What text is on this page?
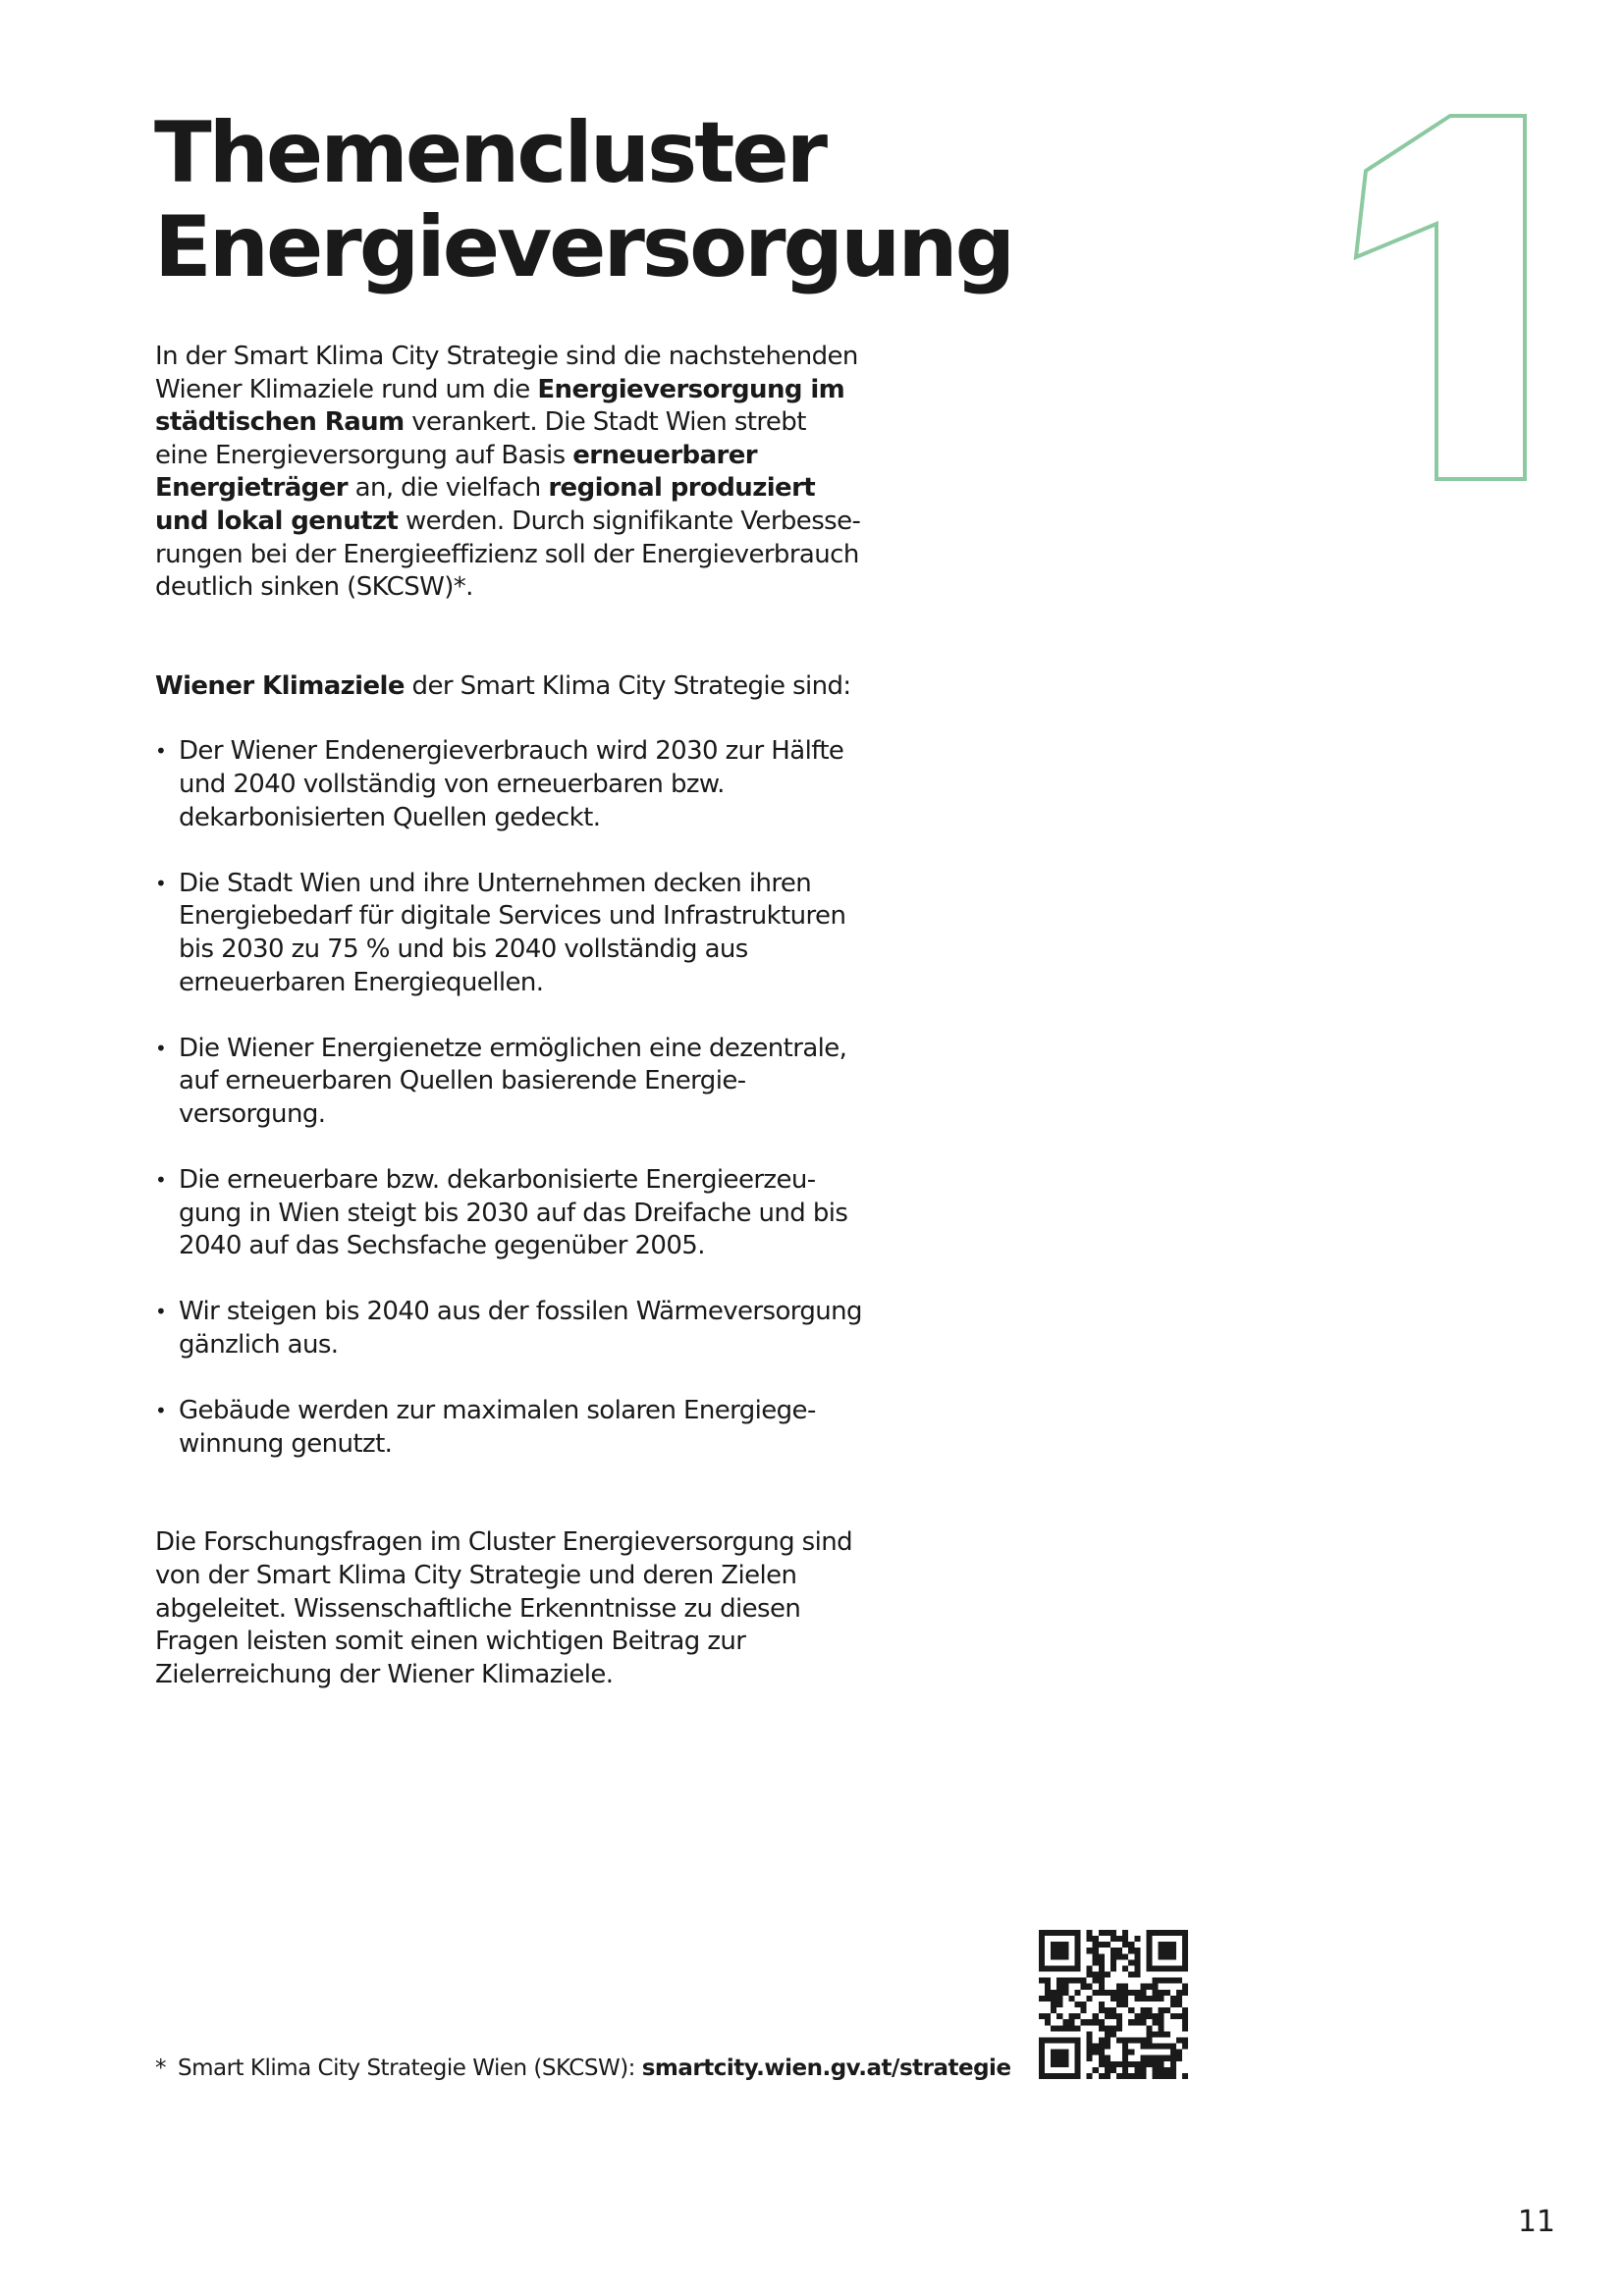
Themencluster
Energieversorgung

In der Smart Klima City Strategie sind die nachstehenden Wiener Klimaziele rund um die Energieversorgung im städtischen Raum verankert. Die Stadt Wien strebt eine Energieversorgung auf Basis erneuerbarer Energieträger an, die vielfach regional produziert und lokal genutzt werden. Durch signifikante Verbesserungen bei der Energieeffizienz soll der Energieverbrauch deutlich sinken (SKCSW)*.

Wiener Klimaziele der Smart Klima City Strategie sind:

• Der Wiener Endenergieverbrauch wird 2030 zur Hälfte und 2040 vollständig von erneuerbaren bzw. dekarbonisierten Quellen gedeckt.
• Die Stadt Wien und ihre Unternehmen decken ihren Energiebedarf für digitale Services und Infrastrukturen bis 2030 zu 75 % und bis 2040 vollständig aus erneuerbaren Energiequellen.
• Die Wiener Energienetze ermöglichen eine dezentrale, auf erneuerbaren Quellen basierende Energieversorgung.
• Die erneuerbare bzw. dekarbonisierte Energieerzeugung in Wien steigt bis 2030 auf das Dreifache und bis 2040 auf das Sechsfache gegenüber 2005.
• Wir steigen bis 2040 aus der fossilen Wärmeversorgung gänzlich aus.
• Gebäude werden zur maximalen solaren Energiegewinnung genutzt.

Die Forschungsfragen im Cluster Energieversorgung sind von der Smart Klima City Strategie und deren Zielen abgeleitet. Wissenschaftliche Erkenntnisse zu diesen Fragen leisten somit einen wichtigen Beitrag zur Zielerreichung der Wiener Klimaziele.

* Smart Klima City Strategie Wien (SKCSW): smartcity.wien.gv.at/strategie
11
